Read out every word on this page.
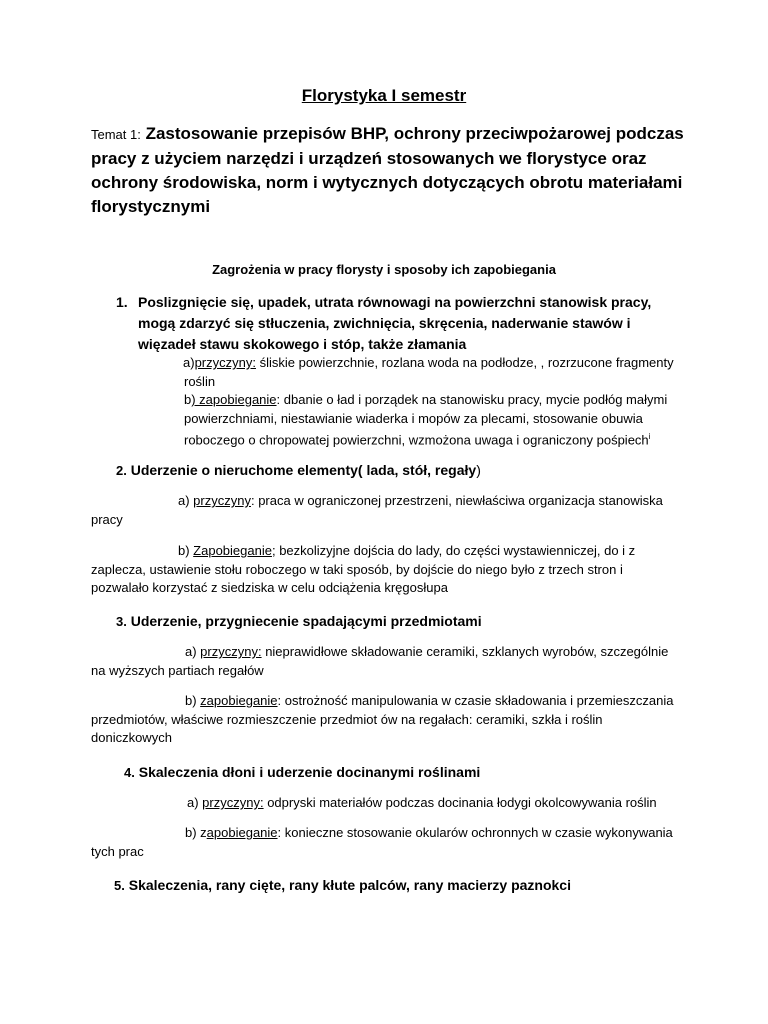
Florystyka I semestr
Temat 1: Zastosowanie przepisów BHP, ochrony przeciwpożarowej podczas pracy z użyciem narzędzi i urządzeń stosowanych we florystyce oraz ochrony środowiska, norm i wytycznych dotyczących obrotu materiałami florystycznymi
Zagrożenia w pracy florysty i sposoby ich zapobiegania
1. Poslizgnięcie się, upadek, utrata równowagi na powierzchni stanowisk pracy, mogą zdarzyć się stłuczenia, zwichnięcia, skręcenia, naderwanie stawów i więzadeł stawu skokowego i stóp, także złamania
a)przyczyny: śliskie powierzchnie, rozlana woda na podłodze, , rozrzucone fragmenty roślin
b) zapobieganie: dbanie o ład i porządek na stanowisku pracy, mycie podłóg małymi powierzchniami, niestawianie wiaderka i mopów za plecami, stosowanie obuwia roboczego o chropowatej powierzchni, wzmożona uwaga i ograniczony pośpiech$^i$
2. Uderzenie o nieruchome elementy( lada, stół, regały)
a) przyczyny: praca w ograniczonej przestrzeni, niewłaściwa organizacja stanowiska pracy
b) Zapobieganie; bezkolizyjne dojścia do lady, do części wystawienniczej, do i z zaplecza, ustawienie stołu roboczego w taki sposób, by dojście do niego było z trzech stron i pozwalało korzystać z siedziska w celu odciążenia kręgosłupa
3. Uderzenie, przygniecenie spadającymi przedmiotami
a) przyczyny: nieprawidłowe składowanie ceramiki, szklanych wyrobów, szczególnie na wyższych partiach regałów
b) zapobieganie: ostrożność manipulowania w czasie składowania i przemieszczania przedmiotów, właściwe rozmieszczenie przedmiot ów na regałach: ceramiki, szkła i roślin doniczkowych
4. Skaleczenia dłoni i uderzenie docinanymi roślinami
a) przyczyny: odpryski materiałów podczas docinania łodygi okolcowywania roślin
b) zapobieganie: konieczne stosowanie okularów ochronnych w czasie wykonywania tych prac
5. Skaleczenia, rany cięte, rany kłute palców, rany macierzy paznokci
